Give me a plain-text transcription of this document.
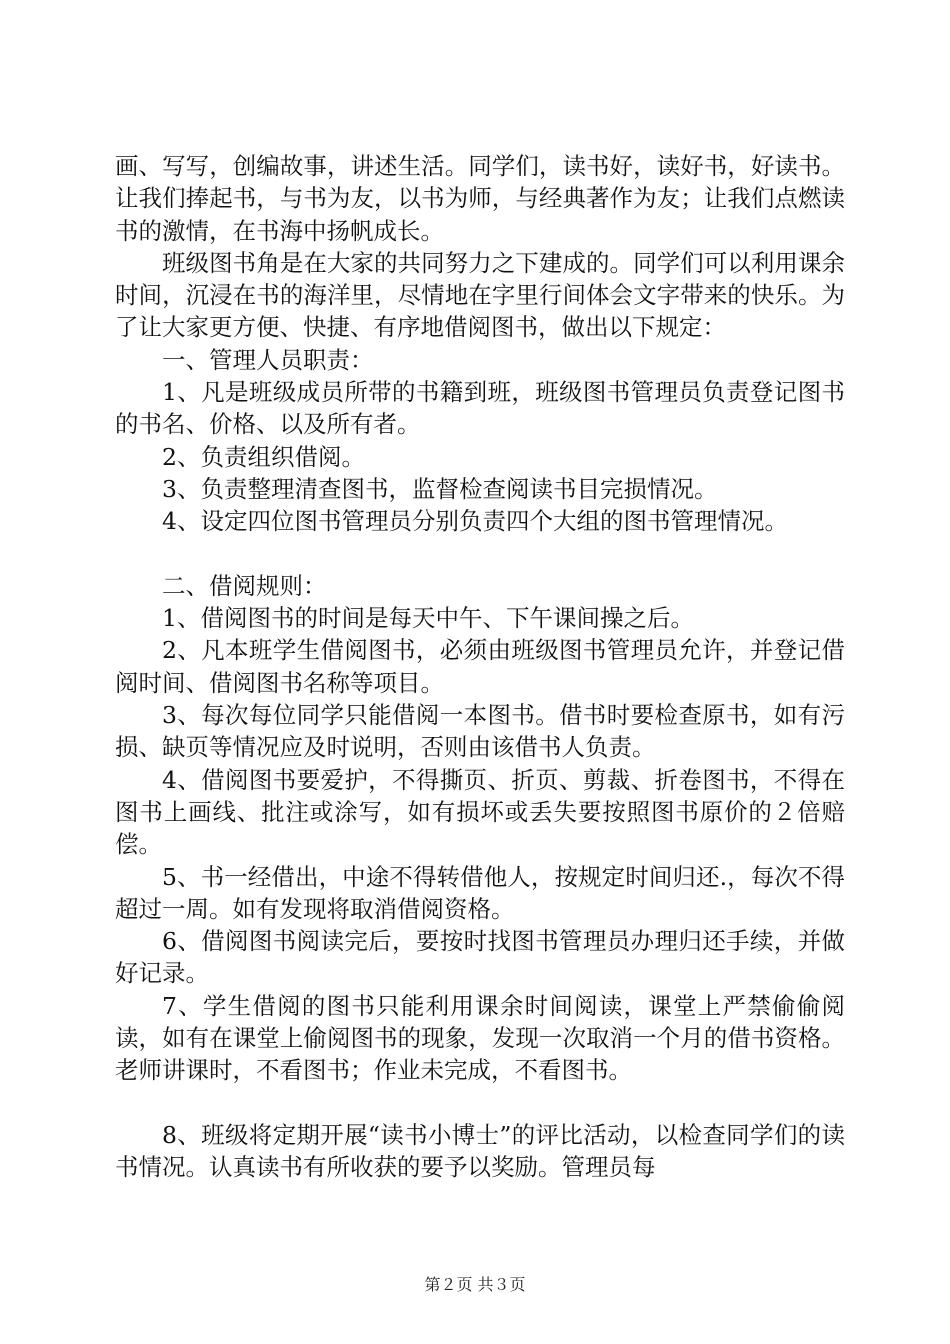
画、写写，创编故事，讲述生活。同学们，读书好，读好书，好读书。让我们捧起书，与书为友，以书为师，与经典著作为友；让我们点燃读书的激情，在书海中扬帆成长。

班级图书角是在大家的共同努力之下建成的。同学们可以利用课余时间，沉浸在书的海洋里，尽情地在字里行间体会文字带来的快乐。为了让大家更方便、快捷、有序地借阅图书，做出以下规定：

一、管理人员职责：

1、凡是班级成员所带的书籍到班，班级图书管理员负责登记图书的书名、价格、以及所有者。

2、负责组织借阅。

3、负责整理清查图书，监督检查阅读书目完损情况。

4、设定四位图书管理员分别负责四个大组的图书管理情况。

二、借阅规则：

1、借阅图书的时间是每天中午、下午课间操之后。

2、凡本班学生借阅图书，必须由班级图书管理员允许，并登记借阅时间、借阅图书名称等项目。

3、每次每位同学只能借阅一本图书。借书时要检查原书，如有污损、缺页等情况应及时说明，否则由该借书人负责。

4、借阅图书要爱护，不得撕页、折页、剪裁、折卷图书，不得在图书上画线、批注或涂写，如有损坏或丢失要按照图书原价的２倍赔偿。

5、书一经借出，中途不得转借他人，按规定时间归还.，每次不得超过一周。如有发现将取消借阅资格。

6、借阅图书阅读完后，要按时找图书管理员办理归还手续，并做好记录。

7、学生借阅的图书只能利用课余时间阅读，课堂上严禁偷偷阅读，如有在课堂上偷阅图书的现象，发现一次取消一个月的借书资格。老师讲课时，不看图书；作业未完成，不看图书。

8、班级将定期开展“读书小博士”的评比活动，以检查同学们的读书情况。认真读书有所收获的要予以奖励。管理员每

第２页 共３页
